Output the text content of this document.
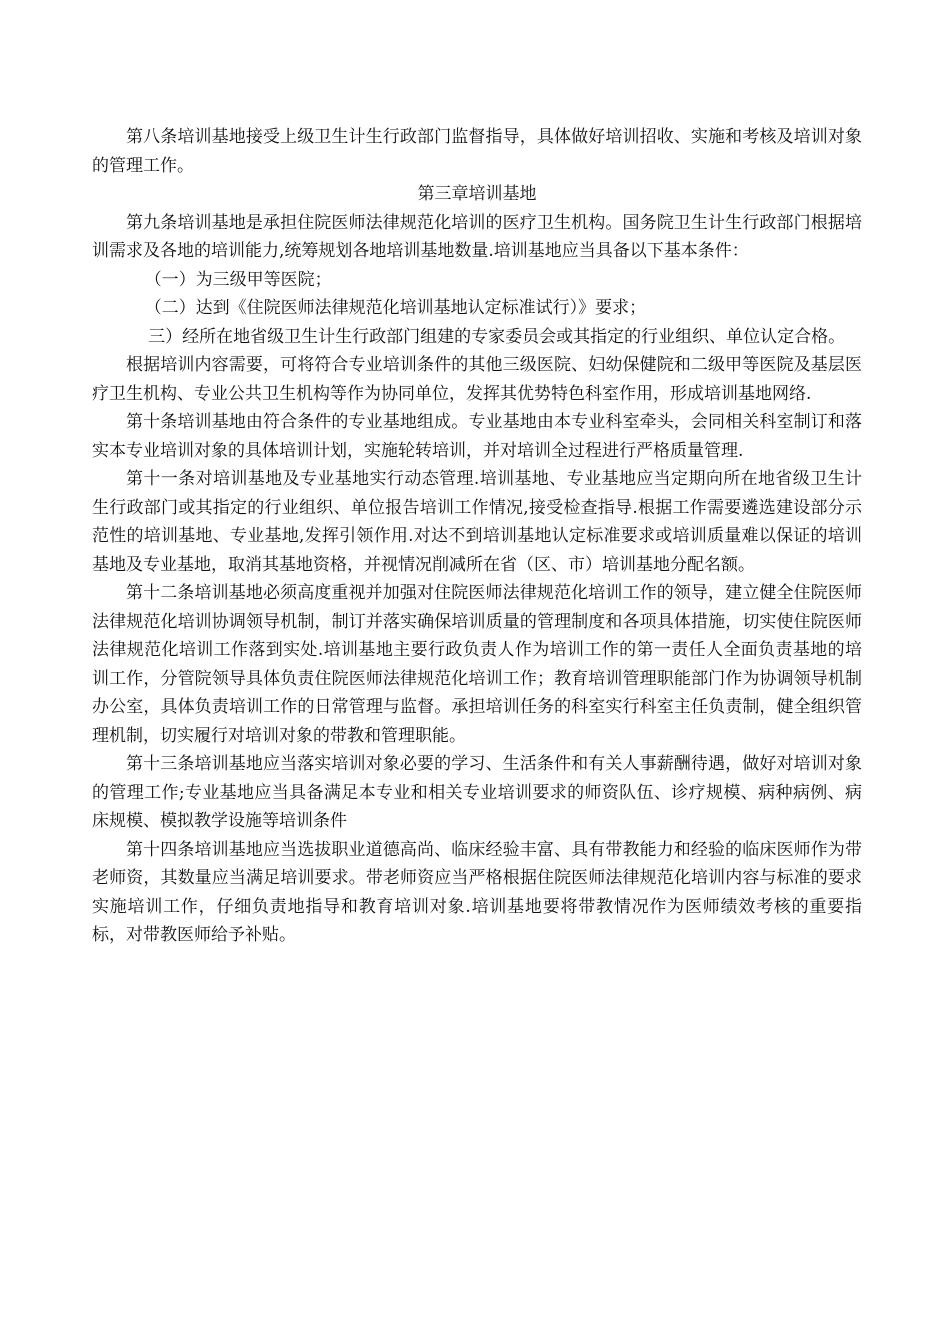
第八条培训基地接受上级卫生计生行政部门监督指导，具体做好培训招收、实施和考核及培训对象的管理工作。

第三章培训基地

第九条培训基地是承担住院医师法律规范化培训的医疗卫生机构。国务院卫生计生行政部门根据培训需求及各地的培训能力,统筹规划各地培训基地数量.培训基地应当具备以下基本条件：

（一）为三级甲等医院；

（二）达到《住院医师法律规范化培训基地认定标准试行）》要求；

三）经所在地省级卫生计生行政部门组建的专家委员会或其指定的行业组织、单位认定合格。

根据培训内容需要，可将符合专业培训条件的其他三级医院、妇幼保健院和二级甲等医院及基层医疗卫生机构、专业公共卫生机构等作为协同单位，发挥其优势特色科室作用，形成培训基地网络.

第十条培训基地由符合条件的专业基地组成。专业基地由本专业科室牵头，会同相关科室制订和落实本专业培训对象的具体培训计划，实施轮转培训，并对培训全过程进行严格质量管理.

第十一条对培训基地及专业基地实行动态管理.培训基地、专业基地应当定期向所在地省级卫生计生行政部门或其指定的行业组织、单位报告培训工作情况,接受检查指导.根据工作需要遴选建设部分示范性的培训基地、专业基地,发挥引领作用.对达不到培训基地认定标准要求或培训质量难以保证的培训基地及专业基地，取消其基地资格，并视情况削减所在省（区、市）培训基地分配名额。

第十二条培训基地必须高度重视并加强对住院医师法律规范化培训工作的领导，建立健全住院医师法律规范化培训协调领导机制，制订并落实确保培训质量的管理制度和各项具体措施，切实使住院医师法律规范化培训工作落到实处.培训基地主要行政负责人作为培训工作的第一责任人全面负责基地的培训工作，分管院领导具体负责住院医师法律规范化培训工作；教育培训管理职能部门作为协调领导机制办公室，具体负责培训工作的日常管理与监督。承担培训任务的科室实行科室主任负责制，健全组织管理机制，切实履行对培训对象的带教和管理职能。

第十三条培训基地应当落实培训对象必要的学习、生活条件和有关人事薪酬待遇，做好对培训对象的管理工作;专业基地应当具备满足本专业和相关专业培训要求的师资队伍、诊疗规模、病种病例、病床规模、模拟教学设施等培训条件

第十四条培训基地应当选拔职业道德高尚、临床经验丰富、具有带教能力和经验的临床医师作为带老师资，其数量应当满足培训要求。带老师资应当严格根据住院医师法律规范化培训内容与标准的要求实施培训工作，仔细负责地指导和教育培训对象.培训基地要将带教情况作为医师绩效考核的重要指标，对带教医师给予补贴。
